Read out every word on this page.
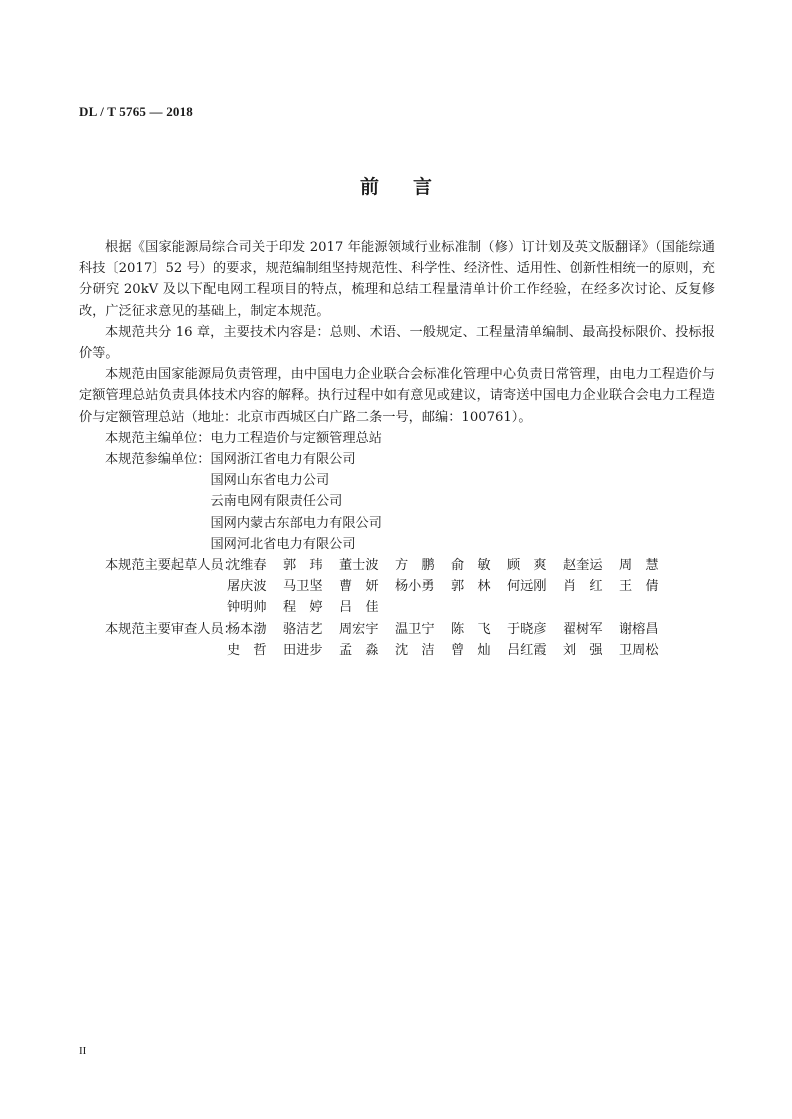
DL / T 5765 — 2018
前言

根据《国家能源局综合司关于印发 2017 年能源领域行业标准制（修）订计划及英文版翻译》（国能综通科技〔2017〕52 号）的要求，规范编制组坚持规范性、科学性、经济性、适用性、创新性相统一的原则，充分研究 20kV 及以下配电网工程项目的特点，梳理和总结工程量清单计价工作经验，在经多次讨论、反复修改，广泛征求意见的基础上，制定本规范。

本规范共分 16 章，主要技术内容是：总则、术语、一般规定、工程量清单编制、最高投标限价、投标报价等。

本规范由国家能源局负责管理，由中国电力企业联合会标准化管理中心负责日常管理，由电力工程造价与定额管理总站负责具体技术内容的解释。执行过程中如有意见或建议，请寄送中国电力企业联合会电力工程造价与定额管理总站（地址：北京市西城区白广路二条一号，邮编：100761）。

本规范主编单位： 电力工程造价与定额管理总站
本规范参编单位： 国网浙江省电力有限公司
国网山东省电力公司
云南电网有限责任公司
国网内蒙古东部电力有限公司
国网河北省电力有限公司
本规范主要起草人员：
沈维春	郭　玮	董士波	方　鹏	俞　敏	顾　爽	赵奎运	周　慧
屠庆波	马卫坚	曹　妍	杨小勇	郭　林	何远刚	肖　红	王　倩
钟明帅	程　婷	吕　佳
本规范主要审查人员：
杨本渤	骆洁艺	周宏宇	温卫宁	陈　飞	于晓彦	翟树军	谢榕昌
史　哲	田进步	孟　淼	沈　洁	曾　灿	吕红霞	刘　强	卫周松
II
